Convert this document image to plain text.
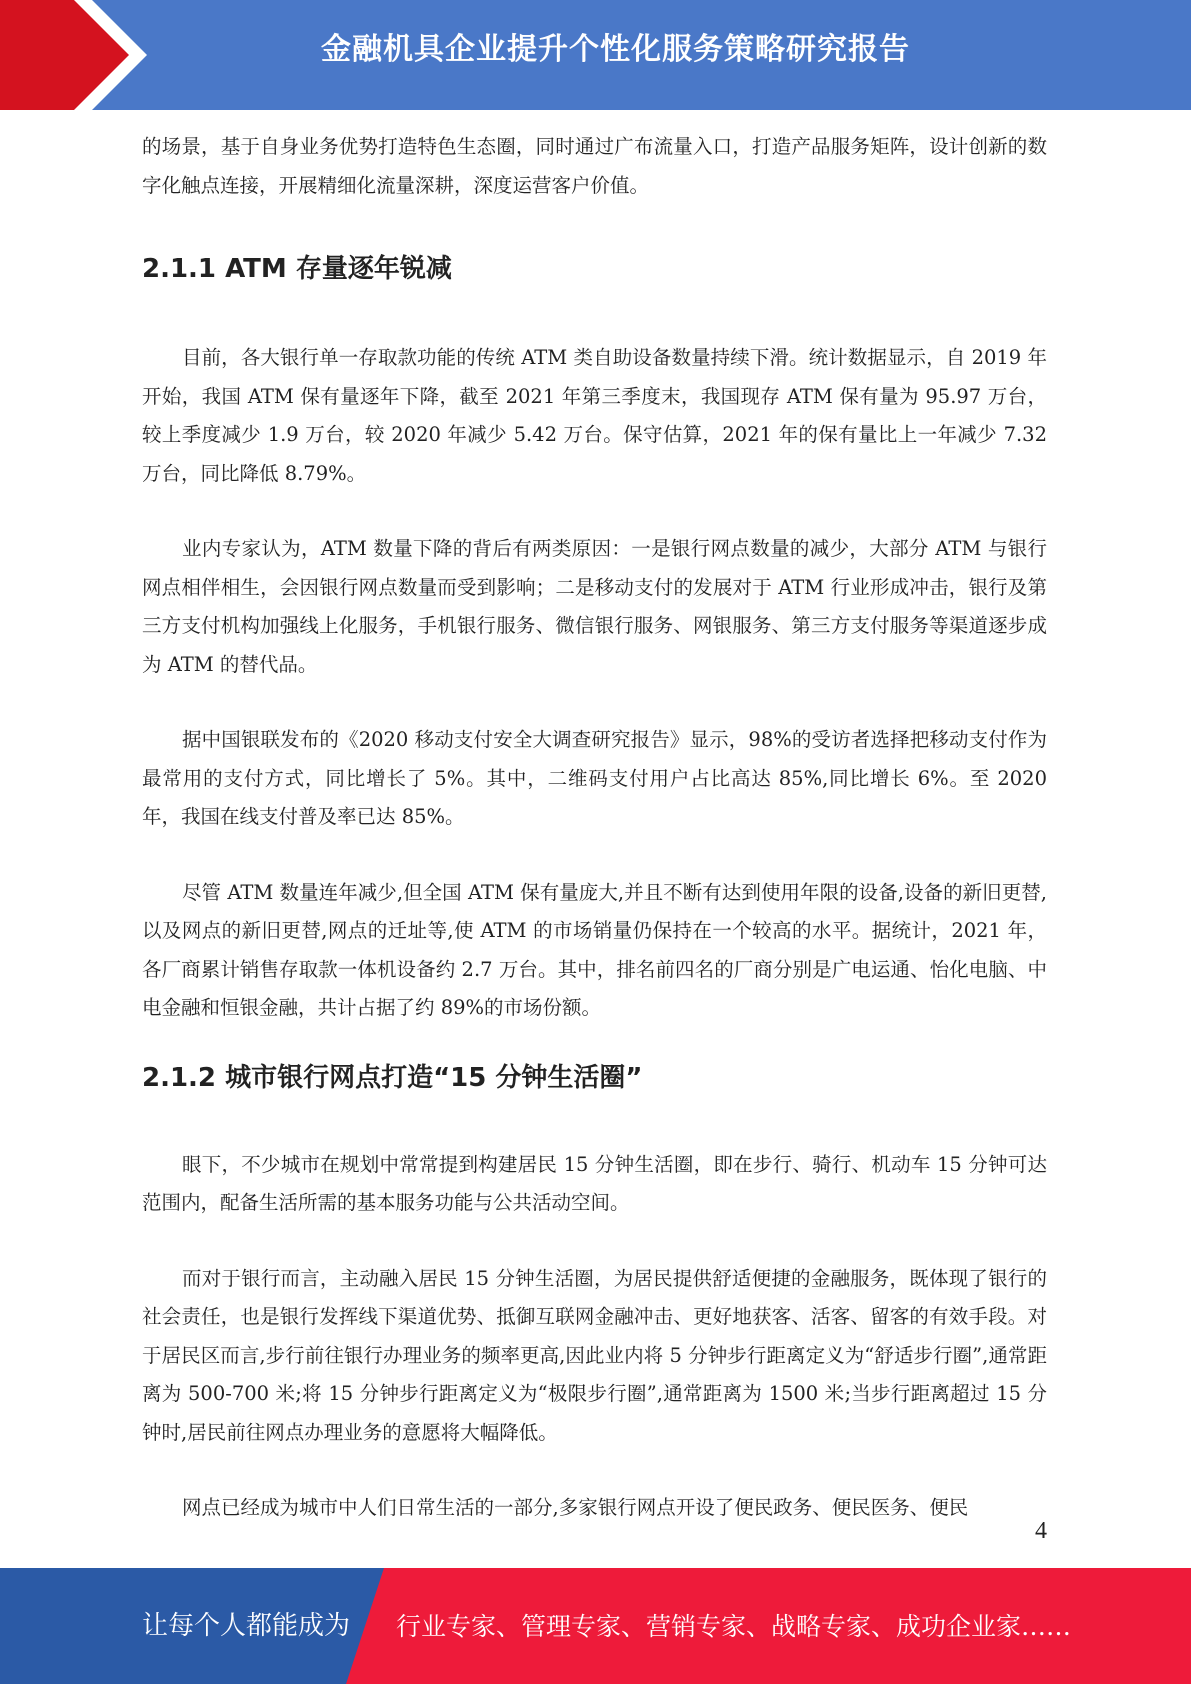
金融机具企业提升个性化服务策略研究报告

的场景，基于自身业务优势打造特色生态圈，同时通过广布流量入口，打造产品服务矩阵，设计创新的数字化触点连接，开展精细化流量深耕，深度运营客户价值。

2.1.1 ATM 存量逐年锐减

目前，各大银行单一存取款功能的传统 ATM 类自助设备数量持续下滑。统计数据显示，自 2019 年开始，我国 ATM 保有量逐年下降，截至 2021 年第三季度末，我国现存 ATM 保有量为 95.97 万台，较上季度减少 1.9 万台，较 2020 年减少 5.42 万台。保守估算，2021 年的保有量比上一年减少 7.32 万台，同比降低 8.79%。

业内专家认为，ATM 数量下降的背后有两类原因：一是银行网点数量的减少，大部分 ATM 与银行网点相伴相生，会因银行网点数量而受到影响；二是移动支付的发展对于 ATM 行业形成冲击，银行及第三方支付机构加强线上化服务，手机银行服务、微信银行服务、网银服务、第三方支付服务等渠道逐步成为 ATM 的替代品。

据中国银联发布的《2020 移动支付安全大调查研究报告》显示，98%的受访者选择把移动支付作为最常用的支付方式，同比增长了 5%。其中，二维码支付用户占比高达 85%,同比增长 6%。至 2020 年，我国在线支付普及率已达 85%。

尽管 ATM 数量连年减少,但全国 ATM 保有量庞大,并且不断有达到使用年限的设备,设备的新旧更替,以及网点的新旧更替,网点的迁址等,使 ATM 的市场销量仍保持在一个较高的水平。据统计，2021 年，各厂商累计销售存取款一体机设备约 2.7 万台。其中，排名前四名的厂商分别是广电运通、怡化电脑、中电金融和恒银金融，共计占据了约 89%的市场份额。

2.1.2 城市银行网点打造“15 分钟生活圈”

眼下，不少城市在规划中常常提到构建居民 15 分钟生活圈，即在步行、骑行、机动车 15 分钟可达范围内，配备生活所需的基本服务功能与公共活动空间。

而对于银行而言，主动融入居民 15 分钟生活圈，为居民提供舒适便捷的金融服务，既体现了银行的社会责任，也是银行发挥线下渠道优势、抵御互联网金融冲击、更好地获客、活客、留客的有效手段。对于居民区而言,步行前往银行办理业务的频率更高,因此业内将 5 分钟步行距离定义为“舒适步行圈”,通常距离为 500-700 米;将 15 分钟步行距离定义为“极限步行圈”,通常距离为 1500 米;当步行距离超过 15 分钟时,居民前往网点办理业务的意愿将大幅降低。

网点已经成为城市中人们日常生活的一部分,多家银行网点开设了便民政务、便民医务、便民

4
让每个人都能成为 行业专家、管理专家、营销专家、战略专家、成功企业家……
